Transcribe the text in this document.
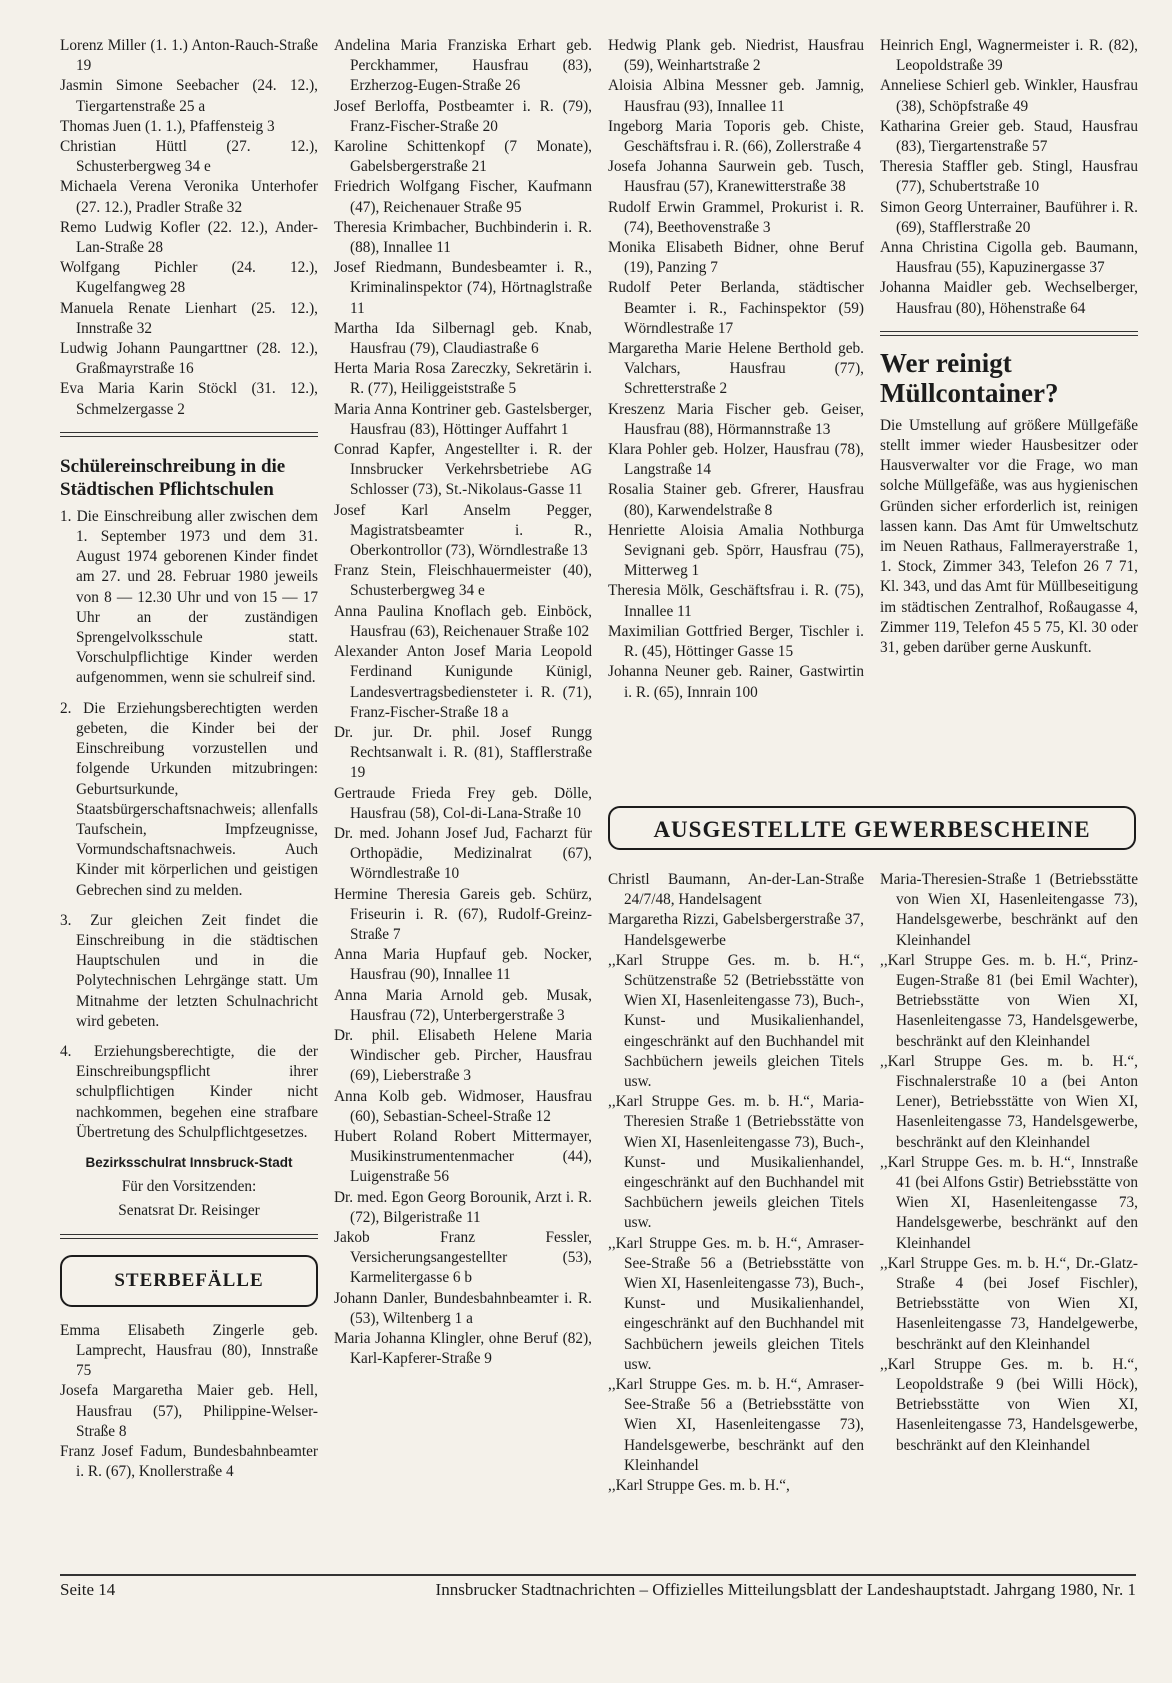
Lorenz Miller (1. 1.) Anton-Rauch-Straße 19
Jasmin Simone Seebacher (24. 12.), Tiergartenstraße 25 a
Thomas Juen (1. 1.), Pfaffensteig 3
Christian Hüttl (27. 12.), Schusterbergweg 34 e
Michaela Verena Veronika Unterhofer (27. 12.), Pradler Straße 32
Remo Ludwig Kofler (22. 12.), Ander-Lan-Straße 28
Wolfgang Pichler (24. 12.), Kugelfangweg 28
Manuela Renate Lienhart (25. 12.), Innstraße 32
Ludwig Johann Paungarttner (28. 12.), Graßmayrstraße 16
Eva Maria Karin Stöckl (31. 12.), Schmelzergasse 2
Schülereinschreibung in die Städtischen Pflichtschulen
1. Die Einschreibung aller zwischen dem 1. September 1973 und dem 31. August 1974 geborenen Kinder findet am 27. und 28. Februar 1980 jeweils von 8 — 12.30 Uhr und von 15 — 17 Uhr an der zuständigen Sprengelvolksschule statt. Vorschulpflichtige Kinder werden aufgenommen, wenn sie schulreif sind.
2. Die Erziehungsberechtigten werden gebeten, die Kinder bei der Einschreibung vorzustellen und folgende Urkunden mitzubringen: Geburtsurkunde, Staatsbürgerschaftsnachweis; allenfalls Taufschein, Impfzeugnisse, Vormundschaftsnachweis. Auch Kinder mit körperlichen und geistigen Gebrechen sind zu melden.
3. Zur gleichen Zeit findet die Einschreibung in die städtischen Hauptschulen und in die Polytechnischen Lehrgänge statt. Um Mitnahme der letzten Schulnachricht wird gebeten.
4. Erziehungsberechtigte, die der Einschreibungspflicht ihrer schulpflichtigen Kinder nicht nachkommen, begehen eine strafbare Übertretung des Schulpflichtgesetzes.
Bezirksschulrat Innsbruck-Stadt
Für den Vorsitzenden:
Senatsrat Dr. Reisinger
STERBEFÄLLE
Emma Elisabeth Zingerle geb. Lamprecht, Hausfrau (80), Innstraße 75
Josefa Margaretha Maier geb. Hell, Hausfrau (57), Philippine-Welser-Straße 8
Franz Josef Fadum, Bundesbahnbeamter i. R. (67), Knollerstraße 4
Andelina Maria Franziska Erhart geb. Perckhammer, Hausfrau (83), Erzherzog-Eugen-Straße 26
Josef Berloffa, Postbeamter i. R. (79), Franz-Fischer-Straße 20
Karoline Schittenkopf (7 Monate), Gabelsbergerstraße 21
Friedrich Wolfgang Fischer, Kaufmann (47), Reichenauer Straße 95
Theresia Krimbacher, Buchbinderin i. R. (88), Innallee 11
Josef Riedmann, Bundesbeamter i. R., Kriminalinspektor (74), Hörtnaglstraße 11
Martha Ida Silbernagl geb. Knab, Hausfrau (79), Claudiastraße 6
Herta Maria Rosa Zareczky, Sekretärin i. R. (77), Heiliggeiststraße 5
Maria Anna Kontriner geb. Gastelsberger, Hausfrau (83), Höttinger Auffahrt 1
Conrad Kapfer, Angestellter i. R. der Innsbrucker Verkehrsbetriebe AG Schlosser (73), St.-Nikolaus-Gasse 11
Josef Karl Anselm Pegger, Magistratsbeamter i. R., Oberkontrollor (73), Wörndlestraße 13
Franz Stein, Fleischhauermeister (40), Schusterbergweg 34 e
Anna Paulina Knoflach geb. Einböck, Hausfrau (63), Reichenauer Straße 102
Alexander Anton Josef Maria Leopold Ferdinand Kunigunde Künigl, Landesvertragsbediensteter i. R. (71), Franz-Fischer-Straße 18 a
Dr. jur. Dr. phil. Josef Rungg Rechtsanwalt i. R. (81), Stafflerstraße 19
Gertraude Frieda Frey geb. Dölle, Hausfrau (58), Col-di-Lana-Straße 10
Dr. med. Johann Josef Jud, Facharzt für Orthopädie, Medizinalrat (67), Wörndlestraße 10
Hermine Theresia Gareis geb. Schürz, Friseurin i. R. (67), Rudolf-Greinz-Straße 7
Anna Maria Hupfauf geb. Nocker, Hausfrau (90), Innallee 11
Anna Maria Arnold geb. Musak, Hausfrau (72), Unterbergerstraße 3
Dr. phil. Elisabeth Helene Maria Windischer geb. Pircher, Hausfrau (69), Lieberstraße 3
Anna Kolb geb. Widmoser, Hausfrau (60), Sebastian-Scheel-Straße 12
Hubert Roland Robert Mittermayer, Musikinstrumentenmacher (44), Luigenstraße 56
Dr. med. Egon Georg Borounik, Arzt i. R. (72), Bilgeristraße 11
Jakob Franz Fessler, Versicherungsangestellter (53), Karmelitergasse 6 b
Johann Danler, Bundesbahnbeamter i. R. (53), Wiltenberg 1 a
Maria Johanna Klingler, ohne Beruf (82), Karl-Kapferer-Straße 9
Hedwig Plank geb. Niedrist, Hausfrau (59), Weinhartstraße 2
Aloisia Albina Messner geb. Jamnig, Hausfrau (93), Innallee 11
Ingeborg Maria Toporis geb. Chiste, Geschäftsfrau i. R. (66), Zollerstraße 4
Josefa Johanna Saurwein geb. Tusch, Hausfrau (57), Kranewitterstraße 38
Rudolf Erwin Grammel, Prokurist i. R. (74), Beethovenstraße 3
Monika Elisabeth Bidner, ohne Beruf (19), Panzing 7
Rudolf Peter Berlanda, städtischer Beamter i. R., Fachinspektor (59) Wörndlestraße 17
Margaretha Marie Helene Berthold geb. Valchars, Hausfrau (77), Schretterstraße 2
Kreszenz Maria Fischer geb. Geiser, Hausfrau (88), Hörmannstraße 13
Klara Pohler geb. Holzer, Hausfrau (78), Langstraße 14
Rosalia Stainer geb. Gfrerer, Hausfrau (80), Karwendelstraße 8
Henriette Aloisia Amalia Nothburga Sevignani geb. Spörr, Hausfrau (75), Mitterweg 1
Theresia Mölk, Geschäftsfrau i. R. (75), Innallee 11
Maximilian Gottfried Berger, Tischler i. R. (45), Höttinger Gasse 15
Johanna Neuner geb. Rainer, Gastwirtin i. R. (65), Innrain 100
Heinrich Engl, Wagnermeister i. R. (82), Leopoldstraße 39
Anneliese Schierl geb. Winkler, Hausfrau (38), Schöpfstraße 49
Katharina Greier geb. Staud, Hausfrau (83), Tiergartenstraße 57
Theresia Staffler geb. Stingl, Hausfrau (77), Schubertstraße 10
Simon Georg Unterrainer, Bauführer i. R. (69), Stafflerstraße 20
Anna Christina Cigolla geb. Baumann, Hausfrau (55), Kapuzinergasse 37
Johanna Maidler geb. Wechselberger, Hausfrau (80), Höhenstraße 64
Wer reinigt Müllcontainer?
Die Umstellung auf größere Müllgefäße stellt immer wieder Hausbesitzer oder Hausverwalter vor die Frage, wo man solche Müllgefäße, was aus hygienischen Gründen sicher erforderlich ist, reinigen lassen kann. Das Amt für Umweltschutz im Neuen Rathaus, Fallmerayerstraße 1, 1. Stock, Zimmer 343, Telefon 26 7 71, Kl. 343, und das Amt für Müllbeseitigung im städtischen Zentralhof, Roßaugasse 4, Zimmer 119, Telefon 45 5 75, Kl. 30 oder 31, geben darüber gerne Auskunft.
AUSGESTELLTE GEWERBESCHEINE
Christl Baumann, An-der-Lan-Straße 24/7/48, Handelsagent
Margaretha Rizzi, Gabelsbergerstraße 37, Handelsgewerbe
,,Karl Struppe Ges. m. b. H.“, Schützenstraße 52 (Betriebsstätte von Wien XI, Hasenleitengasse 73), Buch-, Kunst- und Musikalienhandel, eingeschränkt auf den Buchhandel mit Sachbüchern jeweils gleichen Titels usw.
,,Karl Struppe Ges. m. b. H.“, Maria-Theresien Straße 1 (Betriebsstätte von Wien XI, Hasenleitengasse 73), Buch-, Kunst- und Musikalienhandel, eingeschränkt auf den Buchhandel mit Sachbüchern jeweils gleichen Titels usw.
,,Karl Struppe Ges. m. b. H.“, Amraser-See-Straße 56 a (Betriebsstätte von Wien XI, Hasenleitengasse 73), Buch-, Kunst- und Musikalienhandel, eingeschränkt auf den Buchhandel mit Sachbüchern jeweils gleichen Titels usw.
,,Karl Struppe Ges. m. b. H.“, Amraser-See-Straße 56 a (Betriebsstätte von Wien XI, Hasenleitengasse 73), Handelsgewerbe, beschränkt auf den Kleinhandel
,,Karl Struppe Ges. m. b. H.“,
Maria-Theresien-Straße 1 (Betriebsstätte von Wien XI, Hasenleitengasse 73), Handelsgewerbe, beschränkt auf den Kleinhandel
,,Karl Struppe Ges. m. b. H.“, Prinz-Eugen-Straße 81 (bei Emil Wachter), Betriebsstätte von Wien XI, Hasenleitengasse 73, Handelsgewerbe, beschränkt auf den Kleinhandel
,,Karl Struppe Ges. m. b. H.“, Fischnalerstraße 10 a (bei Anton Lener), Betriebsstätte von Wien XI, Hasenleitengasse 73, Handelsgewerbe, beschränkt auf den Kleinhandel
,,Karl Struppe Ges. m. b. H.“, Innstraße 41 (bei Alfons Gstir) Betriebsstätte von Wien XI, Hasenleitengasse 73, Handelsgewerbe, beschränkt auf den Kleinhandel
,,Karl Struppe Ges. m. b. H.“, Dr.-Glatz-Straße 4 (bei Josef Fischler), Betriebsstätte von Wien XI, Hasenleitengasse 73, Handelgewerbe, beschränkt auf den Kleinhandel
,,Karl Struppe Ges. m. b. H.“, Leopoldstraße 9 (bei Willi Höck), Betriebsstätte von Wien XI, Hasenleitengasse 73, Handelsgewerbe, beschränkt auf den Kleinhandel
Seite 14	Innsbrucker Stadtnachrichten – Offizielles Mitteilungsblatt der Landeshauptstadt. Jahrgang 1980, Nr. 1
